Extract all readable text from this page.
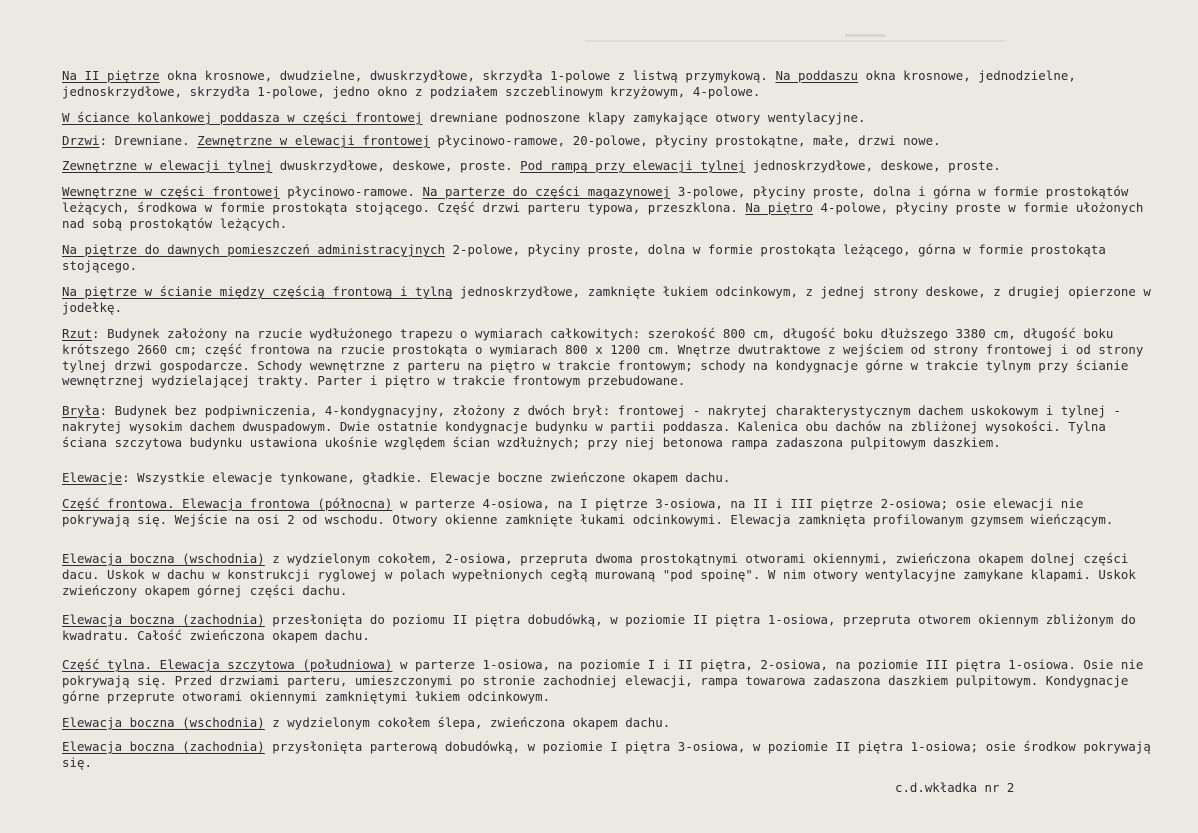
Na II piętrze okna krosnowe, dwudzielne, dwuskrzydłowe, skrzydła 1-polowe z listwą przymykową. Na poddaszu okna krosnowe, jednodzielne, jednoskrzydłowe, skrzydła 1-polowe, jedno okno z podziałem szczeblinowym krzyżowym, 4-polowe.
W ściance kolankowej poddasza w części frontowej drewniane podnoszone klapy zamykające otwory wentylacyjne.
Drzwi: Drewniane. Zewnętrzne w elewacji frontowej płycinowo-ramowe, 20-polowe, płyciny prostokątne, małe, drzwi nowe.
Zewnętrzne w elewacji tylnej dwuskrzydłowe, deskowe, proste. Pod rampą przy elewacji tylnej jednoskrzydłowe, deskowe, proste.
Wewnętrzne w części frontowej płycinowo-ramowe. Na parterze do części magazynowej 3-polowe, płyciny proste, dolna i górna w formie prostokątów leżących, środkowa w formie prostokąta stojącego. Część drzwi parteru typowa, przeszklona. Na piętro 4-polowe, płyciny proste w formie ułożonych nad sobą prostokątów leżących.
Na piętrze do dawnych pomieszczeń administracyjnych 2-polowe, płyciny proste, dolna w formie prostokąta leżącego, górna w formie prostokąta stojącego.
Na piętrze w ścianie między częścią frontową i tylną jednoskrzydłowe, zamknięte łukiem odcinkowym, z jednej strony deskowe, z drugiej opierzone w jodełkę.
Rzut: Budynek założony na rzucie wydłużonego trapezu o wymiarach całkowitych: szerokość 800 cm, długość boku dłuższego 3380 cm, długość boku krótszego 2660 cm; część frontowa na rzucie prostokąta o wymiarach 800 x 1200 cm. Wnętrze dwutraktowe z wejściem od strony frontowej i od strony tylnej drzwi gospodarcze. Schody wewnętrzne z parteru na piętro w trakcie frontowym; schody na kondygnacje górne w trakcie tylnym przy ścianie wewnętrznej wydzielającej trakty. Parter i piętro w trakcie frontowym przebudowane.
Bryła: Budynek bez podpiwniczenia, 4-kondygnacyjny, złożony z dwóch brył: frontowej - nakrytej charakterystycznym dachem uskokowym i tylnej - nakrytej wysokim dachem dwuspadowym. Dwie ostatnie kondygnacje budynku w partii poddasza. Kalenica obu dachów na zbliżonej wysokości. Tylna ściana szczytowa budynku ustawiona ukośnie względem ścian wzdłużnych; przy niej betonowa rampa zadaszona pulpitowym daszkiem.
Elewacje: Wszystkie elewacje tynkowane, gładkie. Elewacje boczne zwieńczone okapem dachu.
Część frontowa. Elewacja frontowa (północna) w parterze 4-osiowa, na I piętrze 3-osiowa, na II i III piętrze 2-osiowa; osie elewacji nie pokrywają się. Wejście na osi 2 od wschodu. Otwory okienne zamknięte łukami odcinkowymi. Elewacja zamknięta profilowanym gzymsem wieńczącym.
Elewacja boczna (wschodnia) z wydzielonym cokołem, 2-osiowa, przepruta dwoma prostokątnymi otworami okiennymi, zwieńczona okapem dolnej części dacu. Uskok w dachu w konstrukcji ryglowej w polach wypełnionych cegłą murowaną "pod spoinę". W nim otwory wentylacyjne zamykane klapami. Uskok zwieńczony okapem górnej części dachu.
Elewacja boczna (zachodnia) przesłonięta do poziomu II piętra dobudówką, w poziomie II piętra 1-osiowa, przepruta otworem okiennym zbliżonym do kwadratu. Całość zwieńczona okapem dachu.
Część tylna. Elewacja szczytowa (południowa) w parterze 1-osiowa, na poziomie I i II piętra, 2-osiowa, na poziomie III piętra 1-osiowa. Osie nie pokrywają się. Przed drzwiami parteru, umieszczonymi po stronie zachodniej elewacji, rampa towarowa zadaszona daszkiem pulpitowym. Kondygnacje górne przeprute otworami okiennymi zamkniętymi łukiem odcinkowym.
Elewacja boczna (wschodnia) z wydzielonym cokołem ślepa, zwieńczona okapem dachu.
Elewacja boczna (zachodnia) przysłonięta parterową dobudówką, w poziomie I piętra 3-osiowa, w poziomie II piętra 1-osiowa; osie środkow pokrywają się.
c.d.wkładka nr 2
